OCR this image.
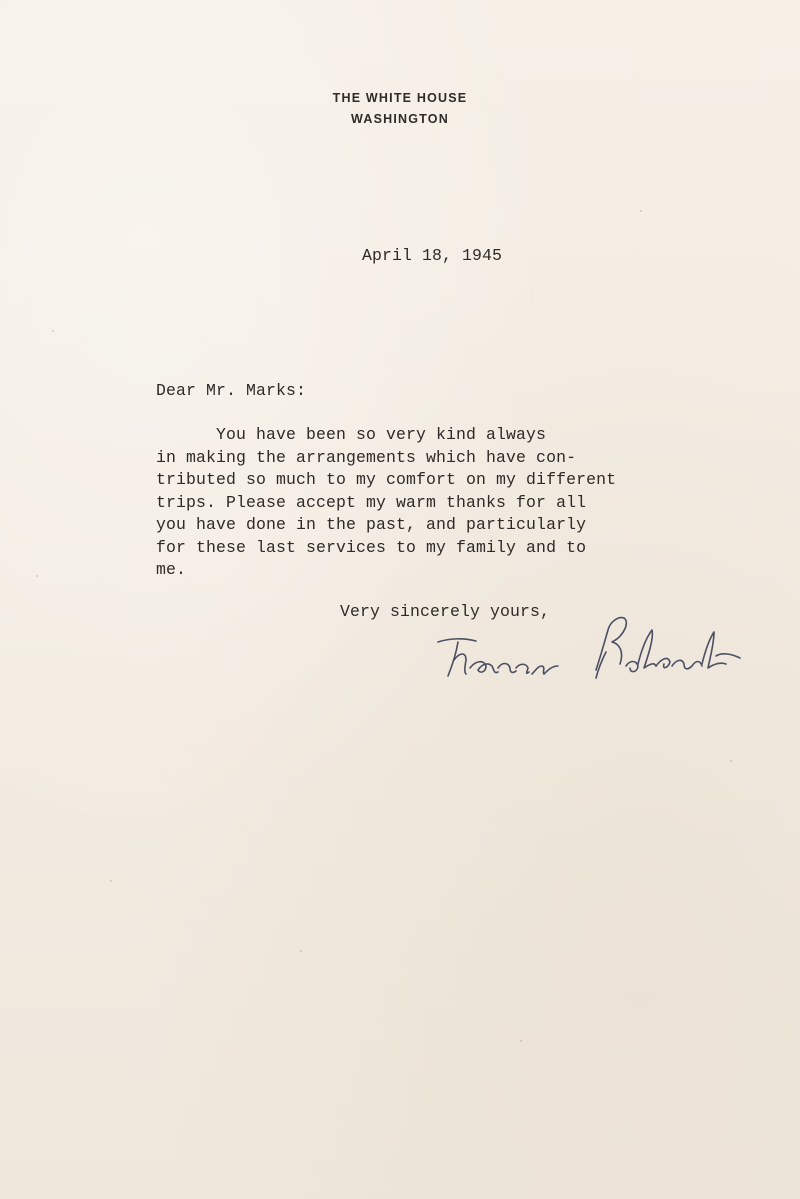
THE WHITE HOUSE
WASHINGTON
April 18, 1945
Dear Mr. Marks:
You have been so very kind always
in making the arrangements which have con-
tributed so much to my comfort on my different
trips. Please accept my warm thanks for all
you have done in the past, and particularly
for these last services to my family and to
me.
Very sincerely yours,
